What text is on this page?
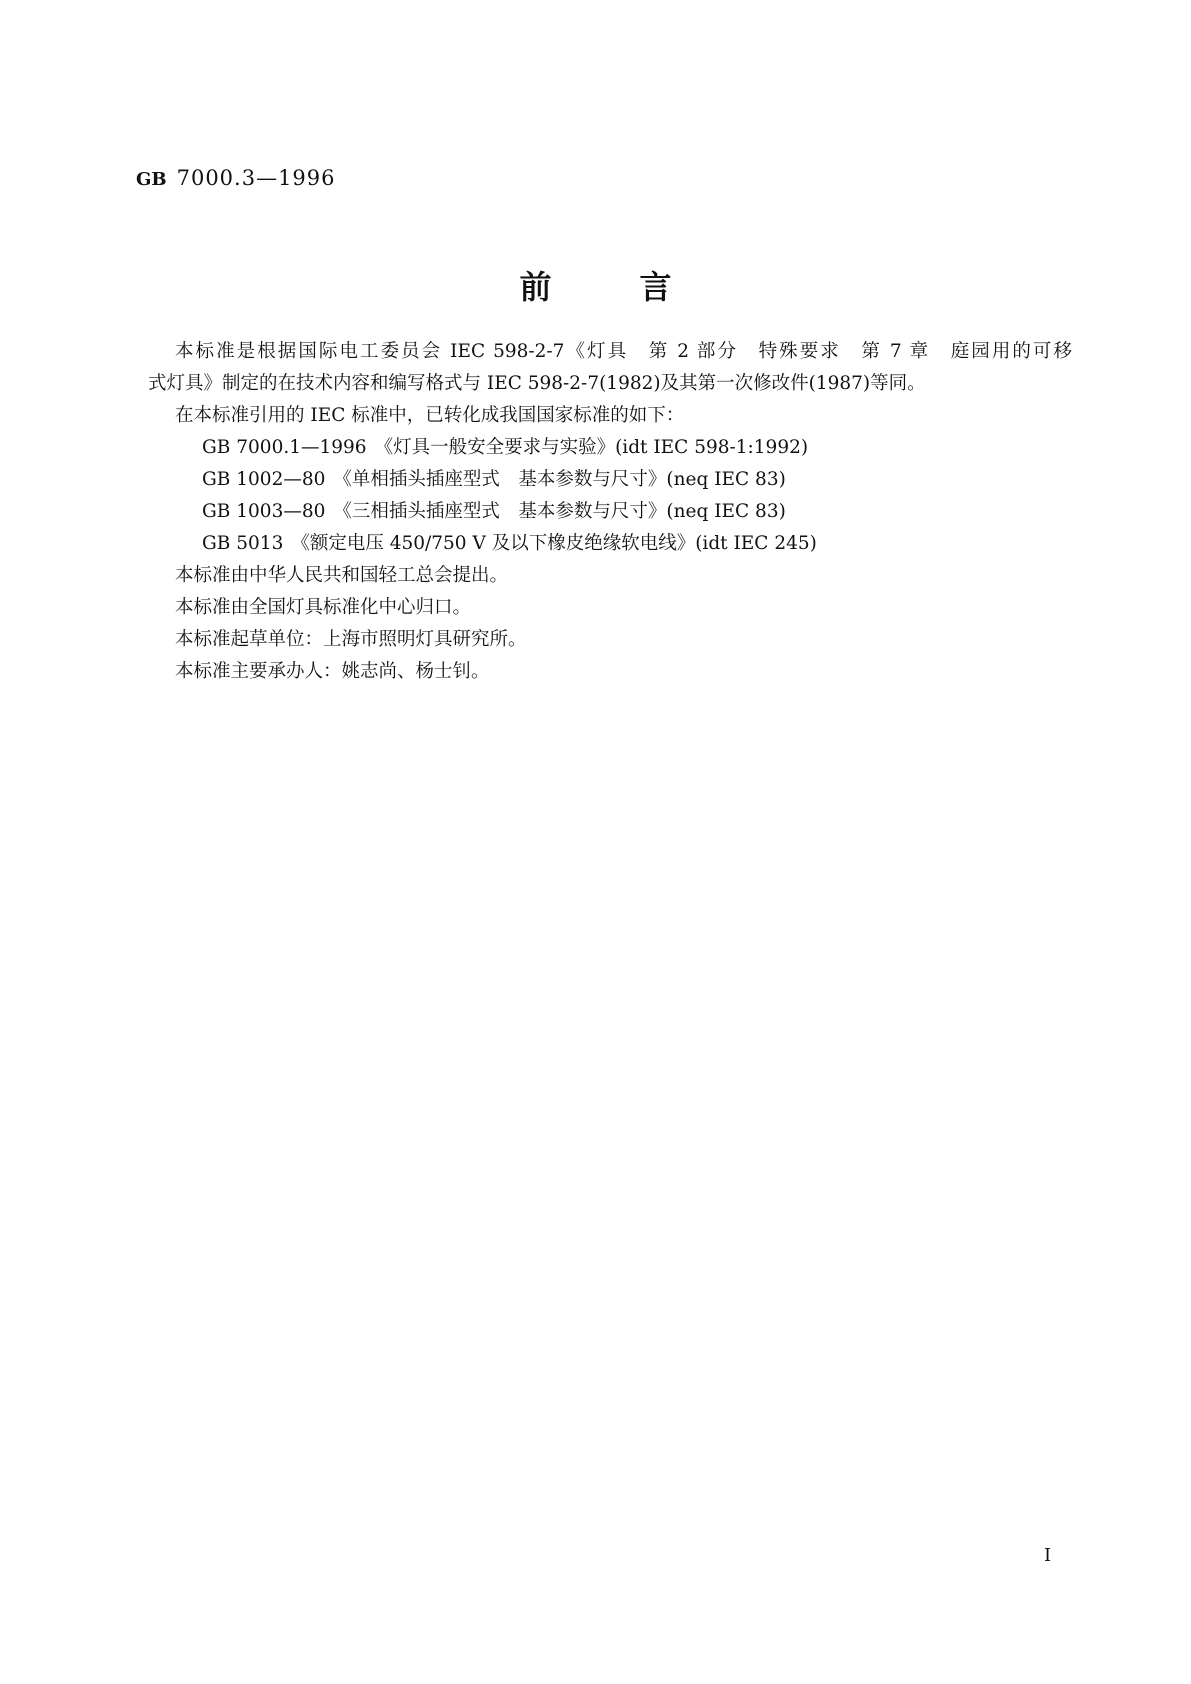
GB 7000.3—1996
前言

本标准是根据国际电工委员会 IEC 598-2-7《灯具　第 2 部分　特殊要求　第 7 章　庭园用的可移

式灯具》制定的在技术内容和编写格式与 IEC 598-2-7(1982)及其第一次修改件(1987)等同。

在本标准引用的 IEC 标准中，已转化成我国国家标准的如下：

GB 7000.1—1996 《灯具一般安全要求与实验》(idt IEC 598-1:1992)

GB 1002—80 《单相插头插座型式　基本参数与尺寸》(neq IEC 83)

GB 1003—80 《三相插头插座型式　基本参数与尺寸》(neq IEC 83)

GB 5013 《额定电压 450/750 V 及以下橡皮绝缘软电线》(idt IEC 245)

本标准由中华人民共和国轻工总会提出。

本标准由全国灯具标准化中心归口。

本标准起草单位：上海市照明灯具研究所。

本标准主要承办人：姚志尚、杨士钊。

I
